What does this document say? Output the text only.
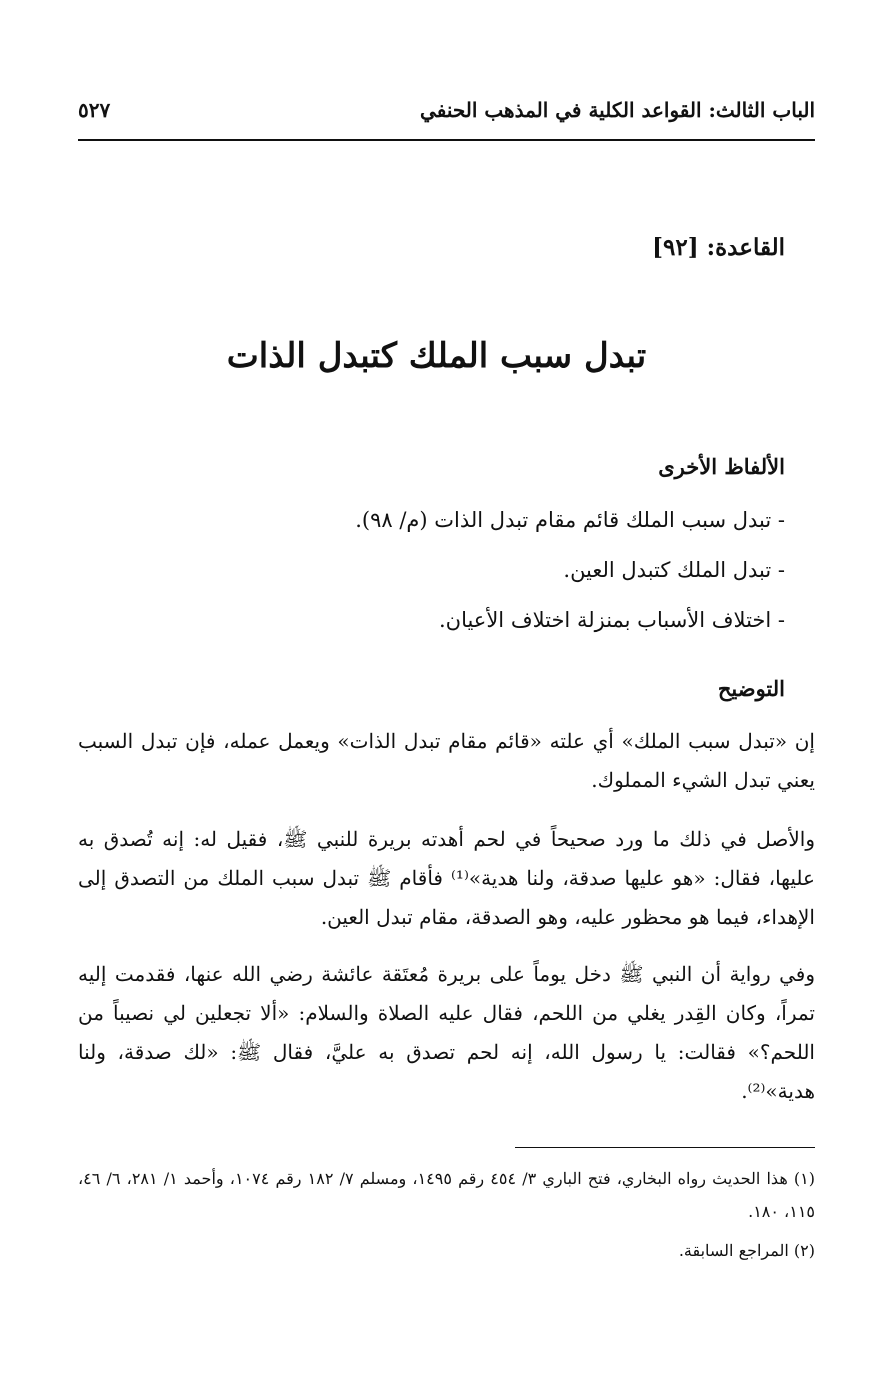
الباب الثالث: القواعد الكلية في المذهب الحنفي
٥٢٧
القاعدة: [٩٢]
تبدل سبب الملك كتبدل الذات
الألفاظ الأخرى
- تبدل سبب الملك قائم مقام تبدل الذات (م/ ٩٨).
- تبدل الملك كتبدل العين.
- اختلاف الأسباب بمنزلة اختلاف الأعيان.
التوضيح

إن «تبدل سبب الملك» أي علته «قائم مقام تبدل الذات» ويعمل عمله، فإن تبدل السبب يعني تبدل الشيء المملوك.

والأصل في ذلك ما ورد صحيحاً في لحم أهدته بريرة للنبي ﷺ، فقيل له: إنه تُصدق به عليها، فقال: «هو عليها صدقة، ولنا هدية»⁽¹⁾ فأقام ﷺ تبدل سبب الملك من التصدق إلى الإهداء، فيما هو محظور عليه، وهو الصدقة، مقام تبدل العين.

وفي رواية أن النبي ﷺ دخل يوماً على بريرة مُعتَقة عائشة رضي الله عنها، فقدمت إليه تمراً، وكان القِدر يغلي من اللحم، فقال عليه الصلاة والسلام: «ألا تجعلين لي نصيباً من اللحم؟» فقالت: يا رسول الله، إنه لحم تصدق به عليَّ، فقال ﷺ: «لك صدقة، ولنا هدية»⁽²⁾.

(١) هذا الحديث رواه البخاري، فتح الباري ٣/ ٤٥٤ رقم ١٤٩٥، ومسلم ٧/ ١٨٢ رقم ١٠٧٤، وأحمد ١/ ٢٨١، ٦/ ٤٦، ١١٥، ١٨٠.

(٢) المراجع السابقة.
